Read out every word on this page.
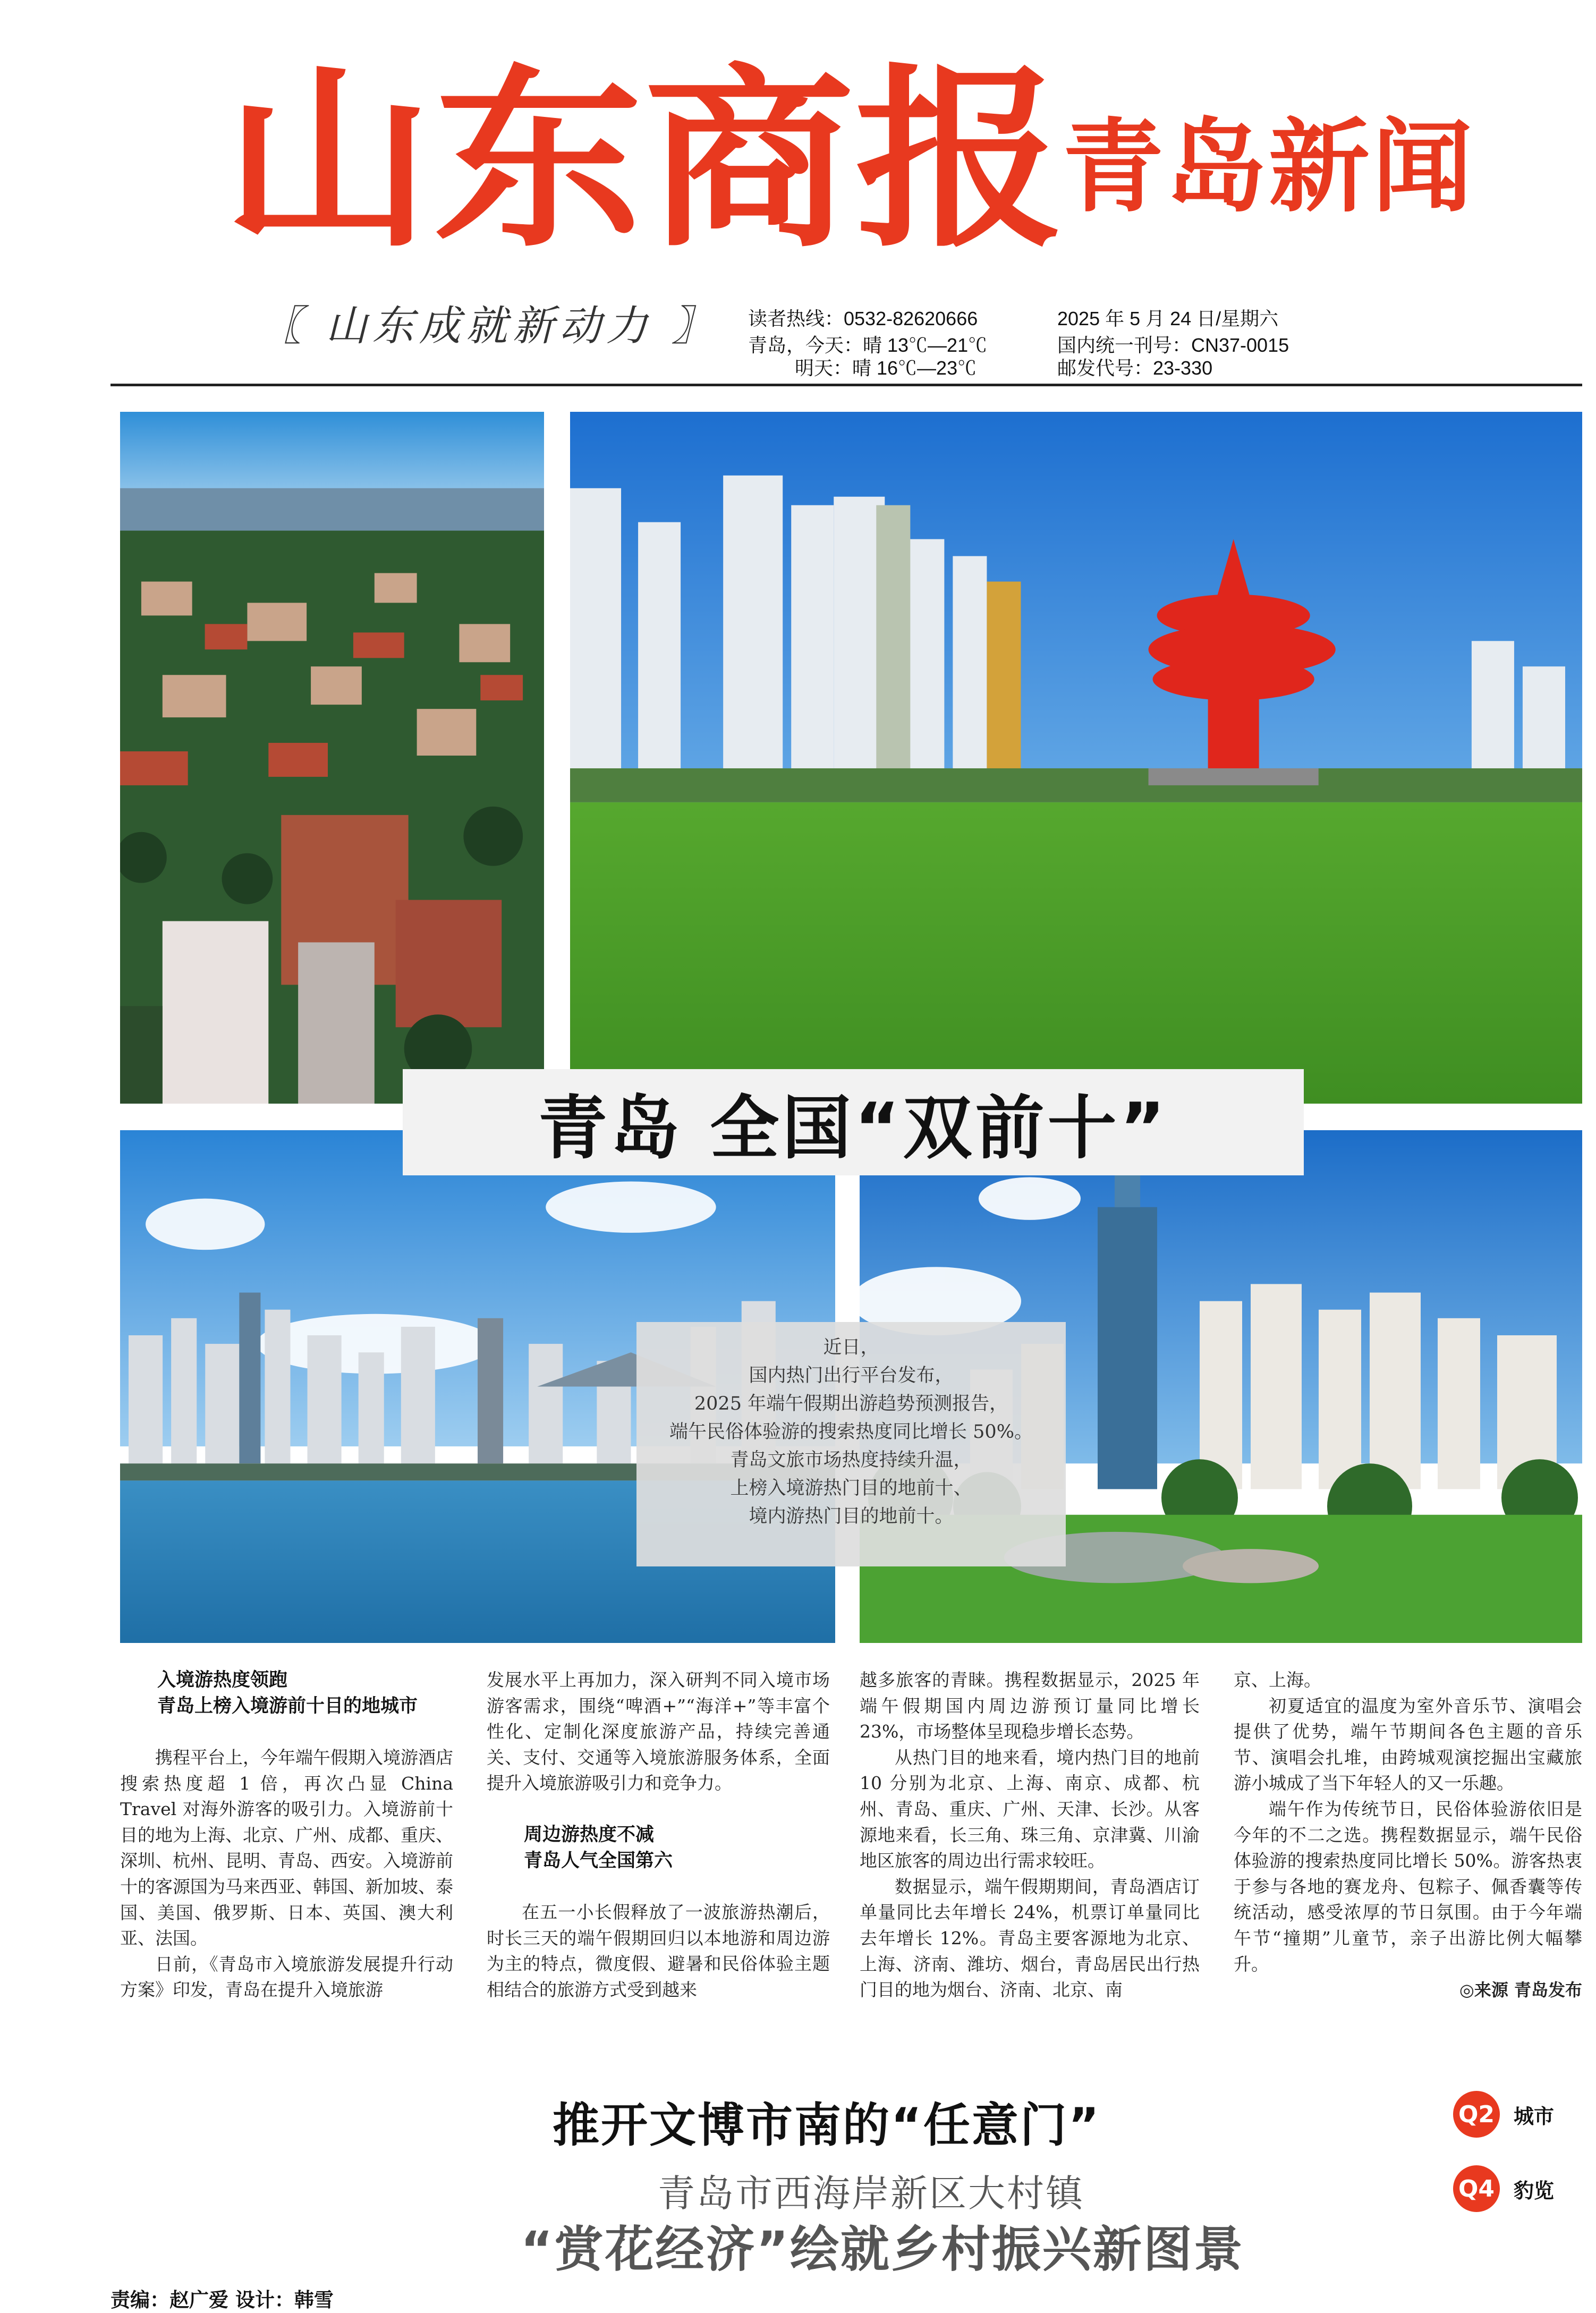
山东商报
青岛新闻
〖 山东成就新动力 〗 读者热线：0532-82620666
青岛，今天：晴 13℃—21℃
明天：晴 16℃—23℃
2025 年 5 月 24 日/星期六
国内统一刊号：CN37-0015
邮发代号：23-330
青岛 全国“双前十”
近日，
国内热门出行平台发布，
2025 年端午假期出游趋势预测报告，
端午民俗体验游的搜索热度同比增长 50%。
青岛文旅市场热度持续升温，
上榜入境游热门目的地前十、
境内游热门目的地前十。

入境游热度领跑

青岛上榜入境游前十目的地城市

携程平台上，今年端午假期入境游酒店搜索热度超 1 倍，再次凸显 China Travel 对海外游客的吸引力。入境游前十目的地为上海、北京、广州、成都、重庆、深圳、杭州、昆明、青岛、西安。入境游前十的客源国为马来西亚、韩国、新加坡、泰国、美国、俄罗斯、日本、英国、澳大利亚、法国。

日前，《青岛市入境旅游发展提升行动方案》印发，青岛在提升入境旅游

发展水平上再加力，深入研判不同入境市场游客需求，围绕“啤酒+”“海洋+”等丰富个性化、定制化深度旅游产品，持续完善通关、支付、交通等入境旅游服务体系，全面提升入境旅游吸引力和竞争力。

周边游热度不减

青岛人气全国第六

在五一小长假释放了一波旅游热潮后，时长三天的端午假期回归以本地游和周边游为主的特点，微度假、避暑和民俗体验主题相结合的旅游方式受到越来

越多旅客的青睐。携程数据显示，2025 年端午假期国内周边游预订量同比增长 23%，市场整体呈现稳步增长态势。

从热门目的地来看，境内热门目的地前 10 分别为北京、上海、南京、成都、杭州、青岛、重庆、广州、天津、长沙。从客源地来看，长三角、珠三角、京津冀、川渝地区旅客的周边出行需求较旺。

数据显示，端午假期期间，青岛酒店订单量同比去年增长 24%，机票订单量同比去年增长 12%。青岛主要客源地为北京、上海、济南、潍坊、烟台，青岛居民出行热门目的地为烟台、济南、北京、南

京、上海。

初夏适宜的温度为室外音乐节、演唱会提供了优势，端午节期间各色主题的音乐节、演唱会扎堆，由跨城观演挖掘出宝藏旅游小城成了当下年轻人的又一乐趣。

端午作为传统节日，民俗体验游依旧是今年的不二之选。携程数据显示，端午民俗体验游的搜索热度同比增长 50%。游客热衷于参与各地的赛龙舟、包粽子、佩香囊等传统活动，感受浓厚的节日氛围。由于今年端午节“撞期”儿童节，亲子出游比例大幅攀升。

◎来源 青岛发布
推开文博市南的“任意门”
青岛市西海岸新区大村镇
“赏花经济”绘就乡村振兴新图景
Q2 城市
Q4 豹览
责编：赵广爱 设计：韩雪
